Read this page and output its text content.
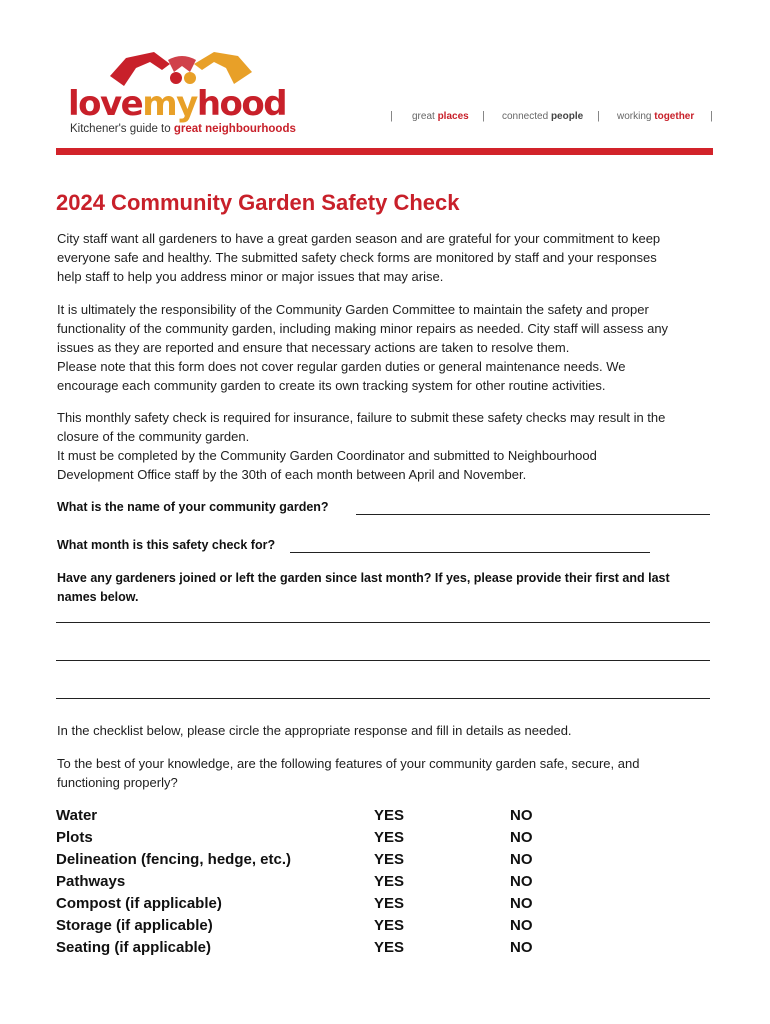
lovemyhood
Kitchener's guide to great neighbourhoods
| great places | connected people | working together |
2024 Community Garden Safety Check
City staff want all gardeners to have a great garden season and are grateful for your commitment to keep
everyone safe and healthy. The submitted safety check forms are monitored by staff and your responses
help staff to help you address minor or major issues that may arise.
It is ultimately the responsibility of the Community Garden Committee to maintain the safety and proper
functionality of the community garden, including making minor repairs as needed. City staff will assess any
issues as they are reported and ensure that necessary actions are taken to resolve them.
Please note that this form does not cover regular garden duties or general maintenance needs. We
encourage each community garden to create its own tracking system for other routine activities.
This monthly safety check is required for insurance, failure to submit these safety checks may result in the
closure of the community garden.
It must be completed by the Community Garden Coordinator and submitted to Neighbourhood
Development Office staff by the 30th of each month between April and November.
What is the name of your community garden?
What month is this safety check for?
Have any gardeners joined or left the garden since last month? If yes, please provide their first and last
names below.
In the checklist below, please circle the appropriate response and fill in details as needed.
To the best of your knowledge, are the following features of your community garden safe, secure, and
functioning properly?
Water	YES	NO
Plots	YES	NO
Delineation (fencing, hedge, etc.)	YES	NO
Pathways	YES	NO
Compost (if applicable)	YES	NO
Storage (if applicable)	YES	NO
Seating (if applicable)	YES	NO
